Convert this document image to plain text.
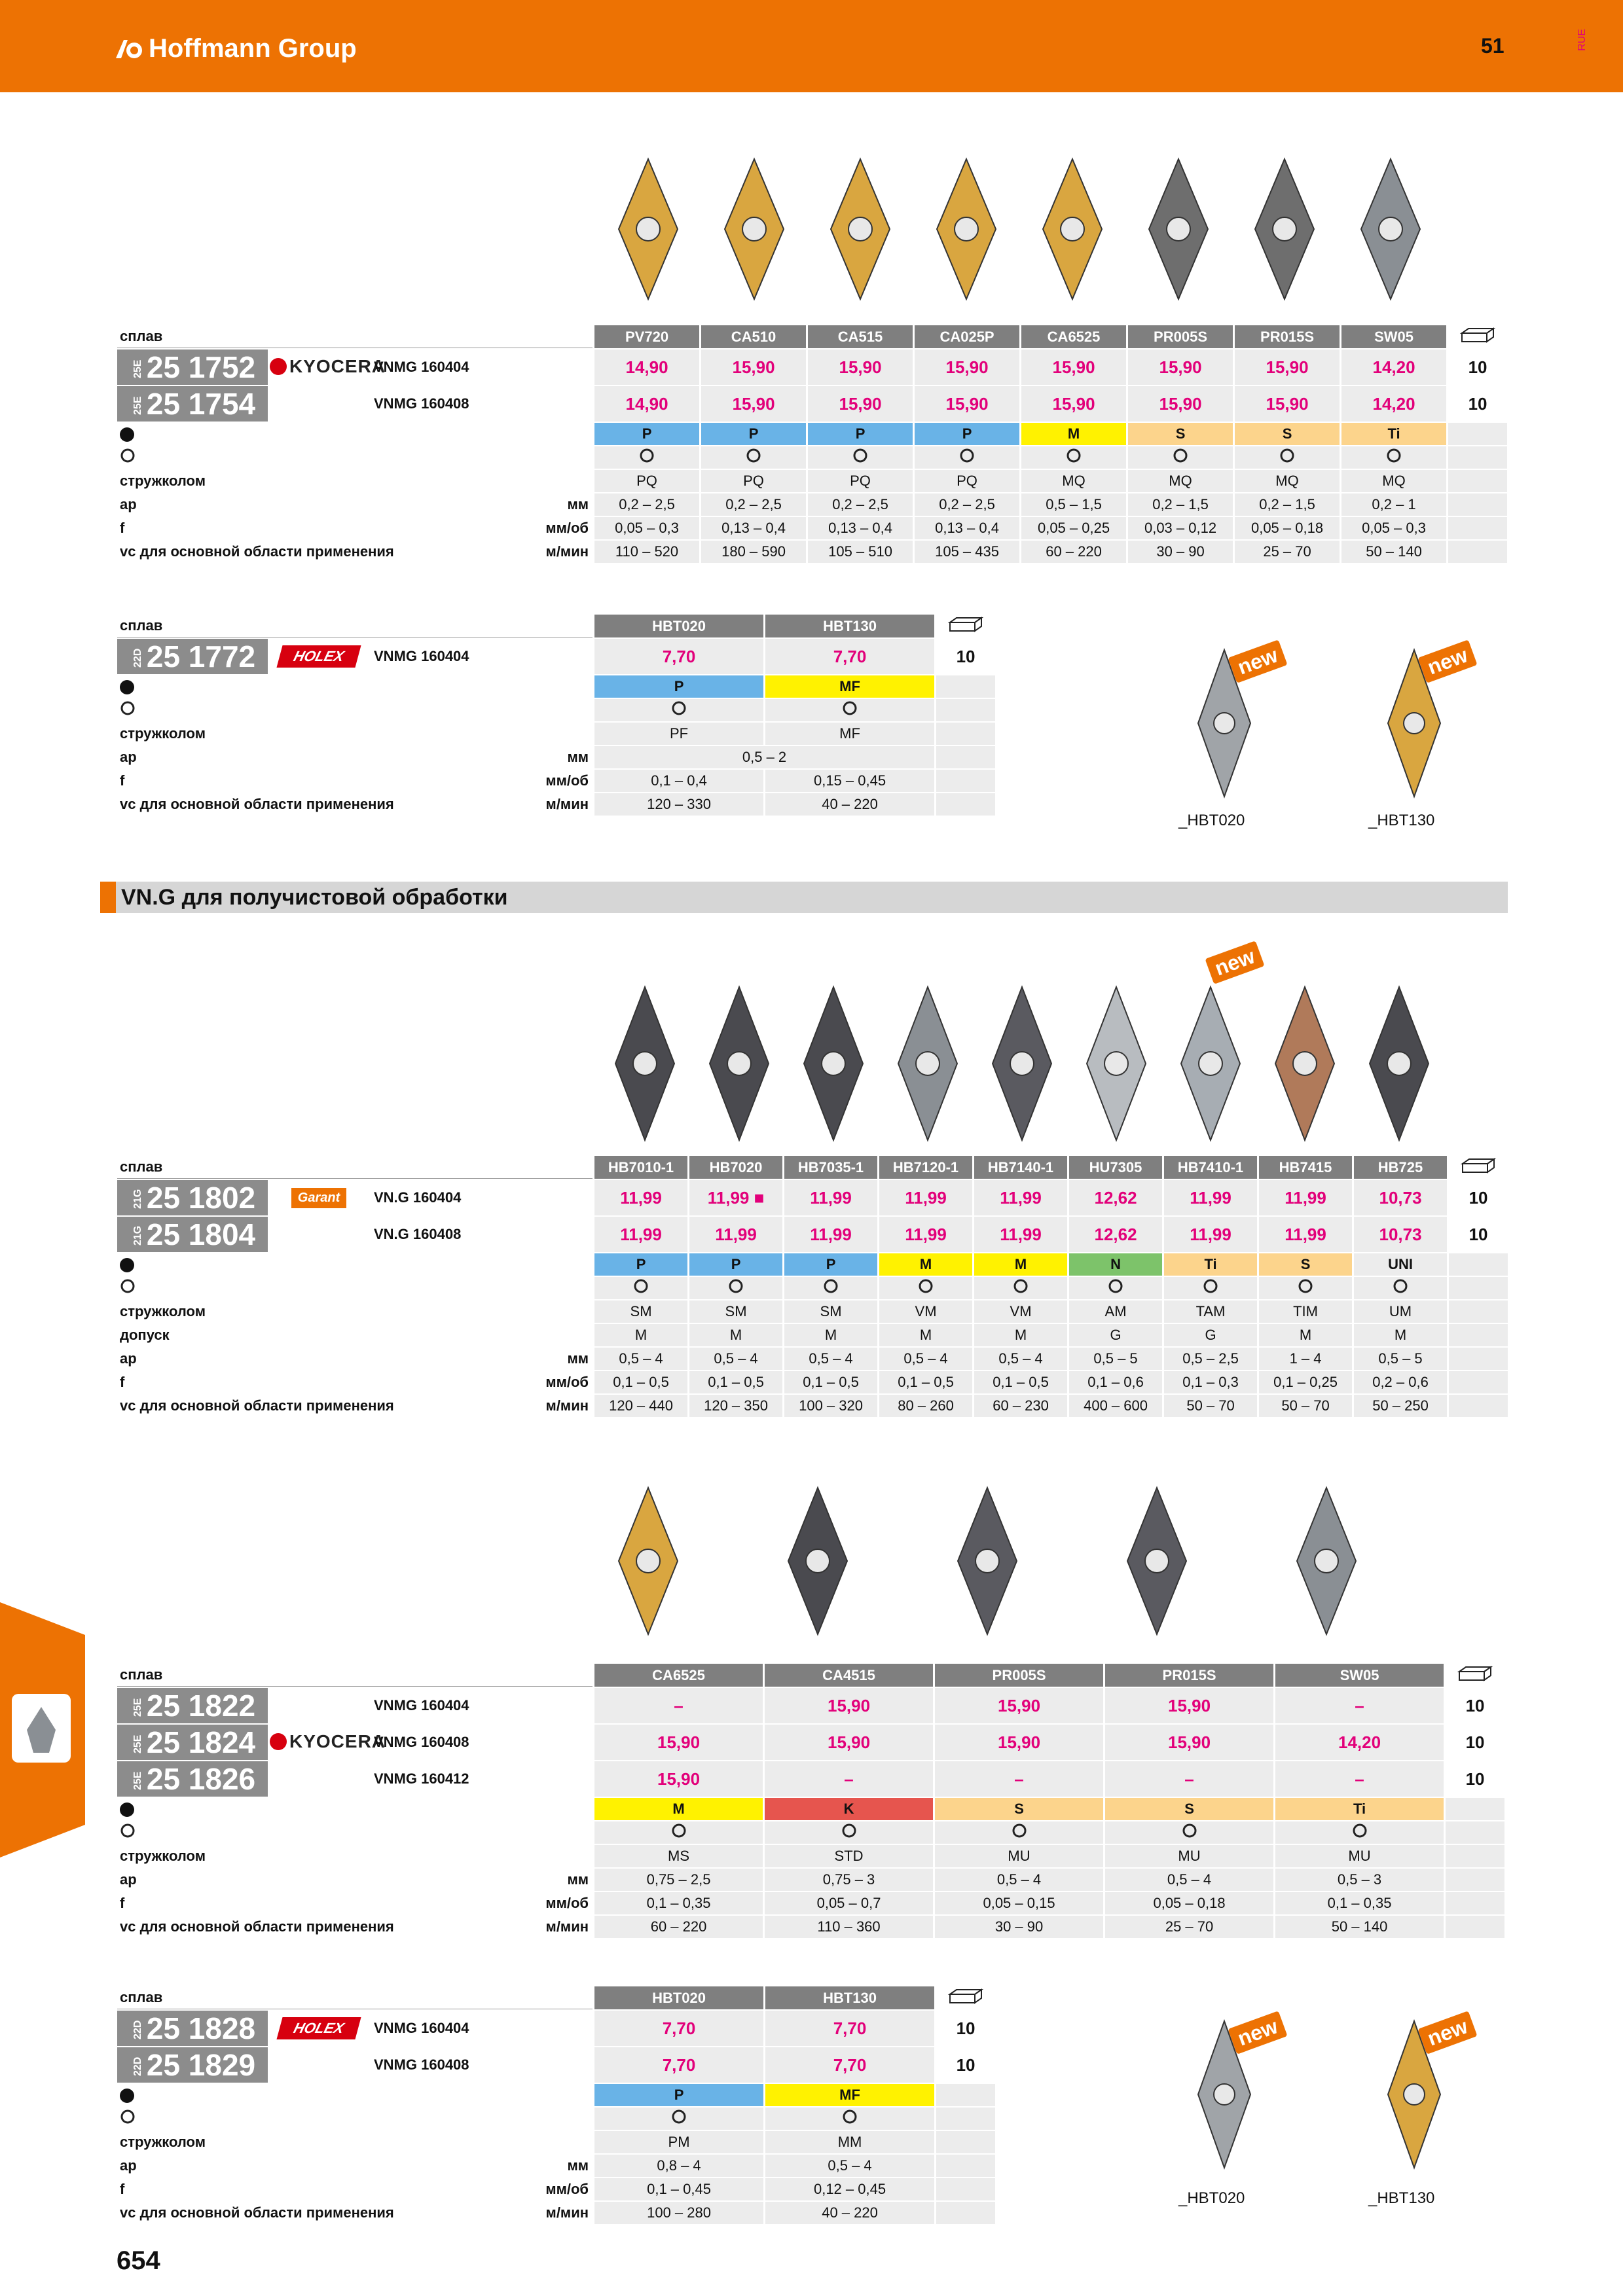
Hoffmann Group	51	RUE
VN.G для получистовой обработки
new	new
new
new	new
_HBT020	_HBT130
_HBT020	_HBT130
сплав			PV720	CA510	CA515	CA025P	CA6525	PR005S	PR015S	SW05	
25E 25 1752	KYOCERA	VNMG 160404	14,90	15,90	15,90	15,90	15,90	15,90	15,90	14,20	10
25E 25 1754		VNMG 160408	14,90	15,90	15,90	15,90	15,90	15,90	15,90	14,20	10
			P	P	P	P	M	S	S	Ti	

стружколом			PQ	PQ	PQ	PQ	MQ	MQ	MQ	MQ	
ap		мм	0,2 – 2,5	0,2 – 2,5	0,2 – 2,5	0,2 – 2,5	0,5 – 1,5	0,2 – 1,5	0,2 – 1,5	0,2 – 1	
f		мм/об	0,05 – 0,3	0,13 – 0,4	0,13 – 0,4	0,13 – 0,4	0,05 – 0,25	0,03 – 0,12	0,05 – 0,18	0,05 – 0,3	
vc для основной области применения		м/мин	110 – 520	180 – 590	105 – 510	105 – 435	60 – 220	30 – 90	25 – 70	50 – 140	
сплав			HBT020	HBT130	
22D 25 1772	HOLEX	VNMG 160404	7,70	7,70	10
			P	MF	

стружколом			PF	MF	
ap		мм	0,5 – 2		
f		мм/об	0,1 – 0,4	0,15 – 0,45	
vc для основной области применения		м/мин	120 – 330	40 – 220	
сплав			HB7010-1	HB7020	HB7035-1	HB7120-1	HB7140-1	HU7305	HB7410-1	HB7415	HB725	
21G 25 1802	Garant	VN.G 160404	11,99	11,99 ■	11,99	11,99	11,99	12,62	11,99	11,99	10,73	10
21G 25 1804		VN.G 160408	11,99	11,99	11,99	11,99	11,99	12,62	11,99	11,99	10,73	10
			P	P	P	M	M	N	Ti	S	UNI	

стружколом			SM	SM	SM	VM	VM	AM	TAM	TIM	UM	
допуск			M	M	M	M	M	G	G	M	M	
ap		мм	0,5 – 4	0,5 – 4	0,5 – 4	0,5 – 4	0,5 – 4	0,5 – 5	0,5 – 2,5	1 – 4	0,5 – 5	
f		мм/об	0,1 – 0,5	0,1 – 0,5	0,1 – 0,5	0,1 – 0,5	0,1 – 0,5	0,1 – 0,6	0,1 – 0,3	0,1 – 0,25	0,2 – 0,6	
vc для основной области применения		м/мин	120 – 440	120 – 350	100 – 320	80 – 260	60 – 230	400 – 600	50 – 70	50 – 70	50 – 250	
сплав			CA6525	CA4515	PR005S	PR015S	SW05	
25E 25 1822		VNMG 160404	–	15,90	15,90	15,90	–	10
25E 25 1824	KYOCERA	VNMG 160408	15,90	15,90	15,90	15,90	14,20	10
25E 25 1826		VNMG 160412	15,90	–	–	–	–	10
			M	K	S	S	Ti	

стружколом			MS	STD	MU	MU	MU	
ap		мм	0,75 – 2,5	0,75 – 3	0,5 – 4	0,5 – 4	0,5 – 3	
f		мм/об	0,1 – 0,35	0,05 – 0,7	0,05 – 0,15	0,05 – 0,18	0,1 – 0,35	
vc для основной области применения		м/мин	60 – 220	110 – 360	30 – 90	25 – 70	50 – 140	
сплав			HBT020	HBT130	
22D 25 1828	HOLEX	VNMG 160404	7,70	7,70	10
22D 25 1829		VNMG 160408	7,70	7,70	10
			P	MF	

стружколом			PM	MM	
ap		мм	0,8 – 4	0,5 – 4	
f		мм/об	0,1 – 0,45	0,12 – 0,45	
vc для основной области применения		м/мин	100 – 280	40 – 220	
654
